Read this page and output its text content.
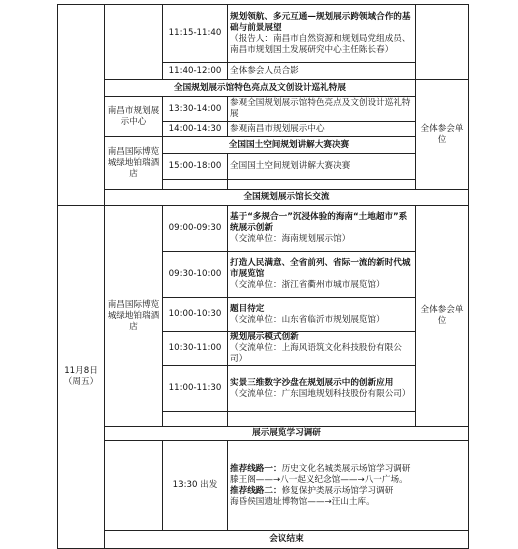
		11:15-11:40	规划领航、多元互通—规划展示跨领域合作的基础与前景展望
（报告人：南昌市自然资源和规划局党组成员、南昌市规划国土发展研究中心主任陈长春）	

		11:40-12:00	全体参会人员合影	
	全国规划展示馆特色亮点及文创设计巡礼特展			全体参会单位
	南昌市规划展示中心	13:30-14:00	参观全国规划展示馆特色亮点及文创设计巡礼特展	
		14:00-14:30	参观南昌市规划展示中心	
	南昌国际博览城绿地铂瑞酒店	全国国土空间规划讲解大赛决赛		
		15:00-18:00	全国国土空间规划讲解大赛决赛	

	全国规划展示馆长交流			

11月8日
（周五）	南昌国际博览城绿地铂瑞酒店	09:00-09:30	基于“多规合一”沉浸体验的海南“土地超市”系统展示创新
（交流单位：海南规划展示馆）	全体参会单位
		09:30-10:00	打造人民满意、全省前列、省际一流的新时代城市展览馆
（交流单位：浙江省衢州市城市展览馆）	

		10:00-10:30	题目待定
（交流单位：山东省临沂市规划展览馆）	

		10:30-11:00	规划展示模式创新
（交流单位：上海风语筑文化科技股份有限公司）	

		11:00-11:30	实景三维数字沙盘在规划展示中的创新应用
（交流单位：广东国地规划科技股份有限公司）	

	展示展览学习调研			
		13:30 出发	推荐线路一：历史文化名城类展示场馆学习调研
滕王阁——→八一起义纪念馆——→八一广场。
推荐线路二：修复保护类展示场馆学习调研
海昏侯国遗址博物馆——→汪山土库。	

	会议结束			
